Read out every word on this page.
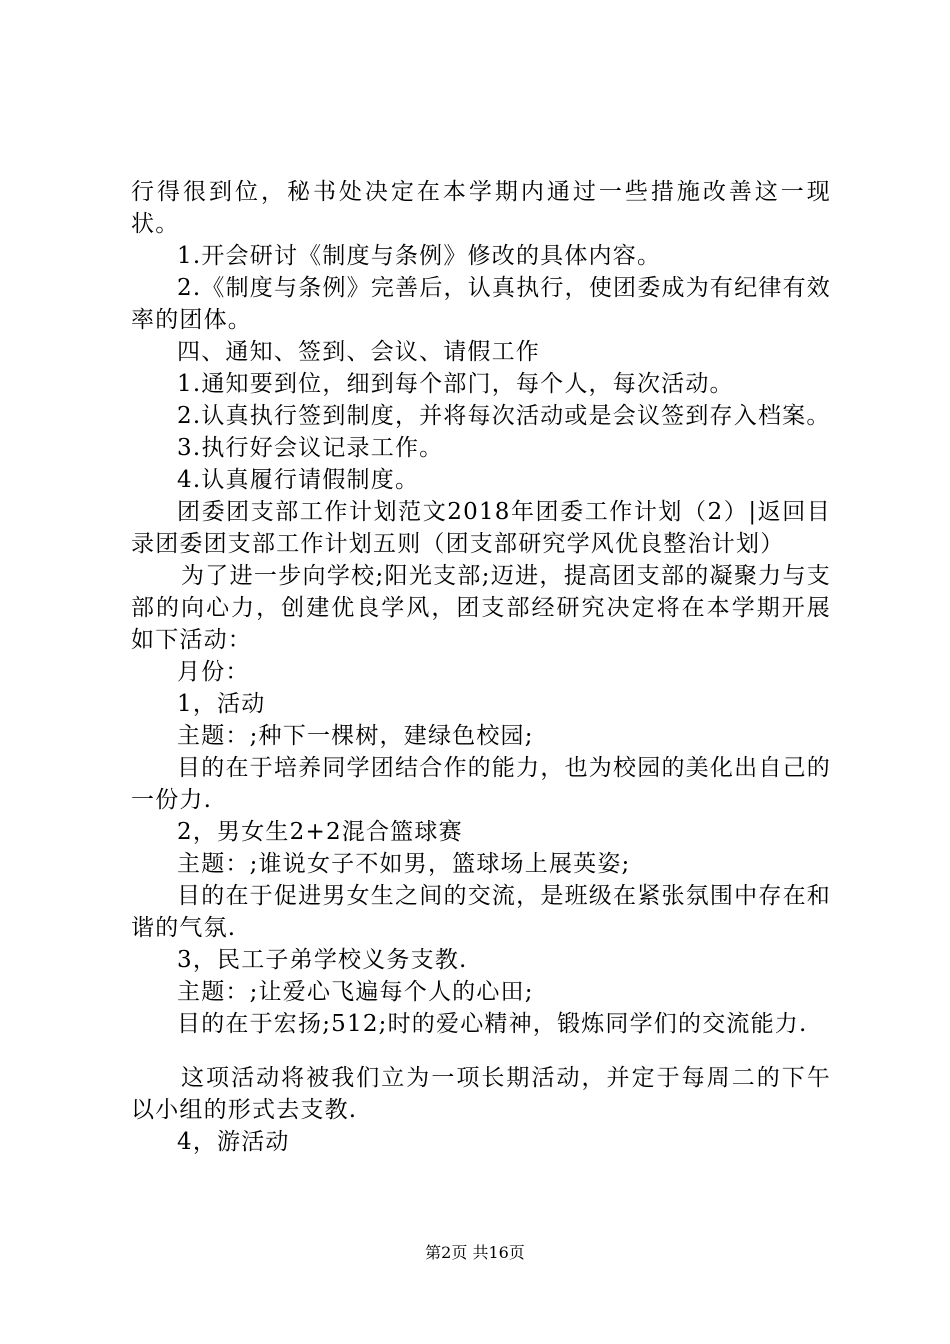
行得很到位，秘书处决定在本学期内通过一些措施改善这一现状。

1.开会研讨《制度与条例》修改的具体内容。

2.《制度与条例》完善后，认真执行，使团委成为有纪律有效率的团体。

四、通知、签到、会议、请假工作

1.通知要到位，细到每个部门，每个人，每次活动。

2.认真执行签到制度，并将每次活动或是会议签到存入档案。

3.执行好会议记录工作。

4.认真履行请假制度。

团委团支部工作计划范文2018年团委工作计划（2）|返回目录团委团支部工作计划五则（团支部研究学风优良整治计划）

为了进一步向学校;阳光支部;迈进，提高团支部的凝聚力与支部的向心力，创建优良学风，团支部经研究决定将在本学期开展如下活动：

月份：

1，活动

主题：;种下一棵树，建绿色校园;

目的在于培养同学团结合作的能力，也为校园的美化出自己的一份力.

2，男女生2+2混合篮球赛

主题：;谁说女子不如男，篮球场上展英姿;

目的在于促进男女生之间的交流，是班级在紧张氛围中存在和谐的气氛.

3，民工子弟学校义务支教.

主题：;让爱心飞遍每个人的心田;

目的在于宏扬;512;时的爱心精神，锻炼同学们的交流能力.

这项活动将被我们立为一项长期活动，并定于每周二的下午以小组的形式去支教.

4，游活动

第2页 共16页
